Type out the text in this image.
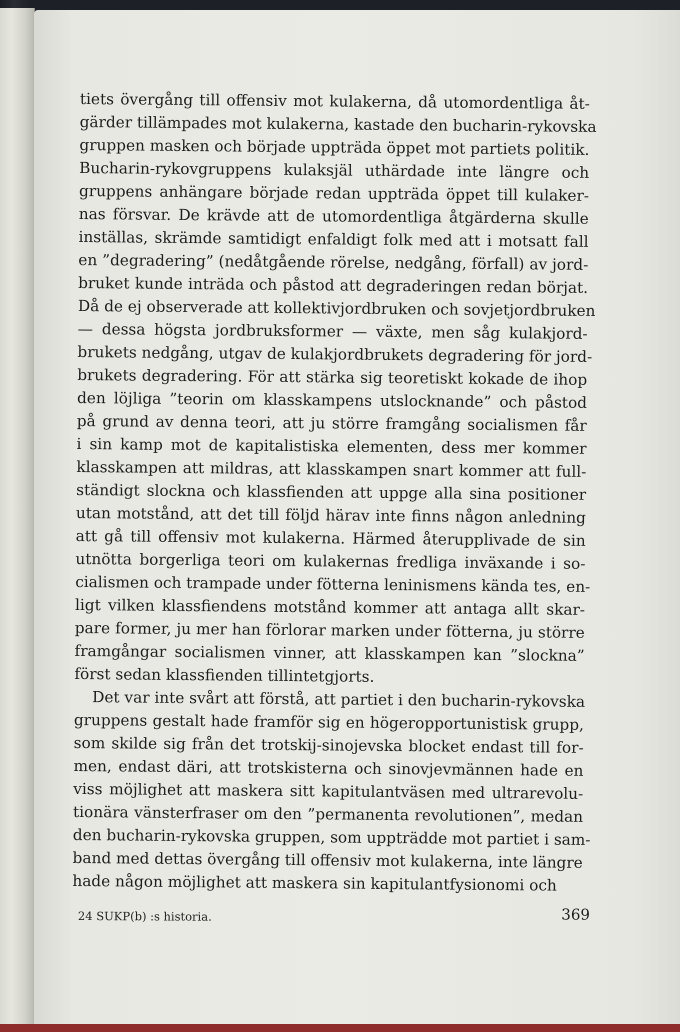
tiets övergång till offensiv mot kulakerna, då utomordentliga åt-
gärder tillämpades mot kulakerna, kastade den bucharin-rykovska
gruppen masken och började uppträda öppet mot partiets politik.
Bucharin-rykovgruppens kulaksjäl uthärdade inte längre och
gruppens anhängare började redan uppträda öppet till kulaker-
nas försvar. De krävde att de utomordentliga åtgärderna skulle
inställas, skrämde samtidigt enfaldigt folk med att i motsatt fall
en ”degradering” (nedåtgående rörelse, nedgång, förfall) av jord-
bruket kunde inträda och påstod att degraderingen redan börjat.
Då de ej observerade att kollektivjordbruken och sovjetjordbruken
— dessa högsta jordbruksformer — växte, men såg kulakjord-
brukets nedgång, utgav de kulakjordbrukets degradering för jord-
brukets degradering. För att stärka sig teoretiskt kokade de ihop
den löjliga ”teorin om klasskampens utslocknande” och påstod
på grund av denna teori, att ju större framgång socialismen får
i sin kamp mot de kapitalistiska elementen, dess mer kommer
klasskampen att mildras, att klasskampen snart kommer att full-
ständigt slockna och klassfienden att uppge alla sina positioner
utan motstånd, att det till följd härav inte finns någon anledning
att gå till offensiv mot kulakerna. Härmed återupplivade de sin
utnötta borgerliga teori om kulakernas fredliga inväxande i so-
cialismen och trampade under fötterna leninismens kända tes, en-
ligt vilken klassfiendens motstånd kommer att antaga allt skar-
pare former, ju mer han förlorar marken under fötterna, ju större
framgångar socialismen vinner, att klasskampen kan ”slockna”
först sedan klassfienden tillintetgjorts.
Det var inte svårt att förstå, att partiet i den bucharin-rykovska
gruppens gestalt hade framför sig en högeropportunistisk grupp,
som skilde sig från det trotskij-sinojevska blocket endast till for-
men, endast däri, att trotskisterna och sinovjevmännen hade en
viss möjlighet att maskera sitt kapitulantväsen med ultrarevolu-
tionära vänsterfraser om den ”permanenta revolutionen”, medan
den bucharin-rykovska gruppen, som uppträdde mot partiet i sam-
band med dettas övergång till offensiv mot kulakerna, inte längre
hade någon möjlighet att maskera sin kapitulantfysionomi och
24 SUKP(b) :s historia.	369
